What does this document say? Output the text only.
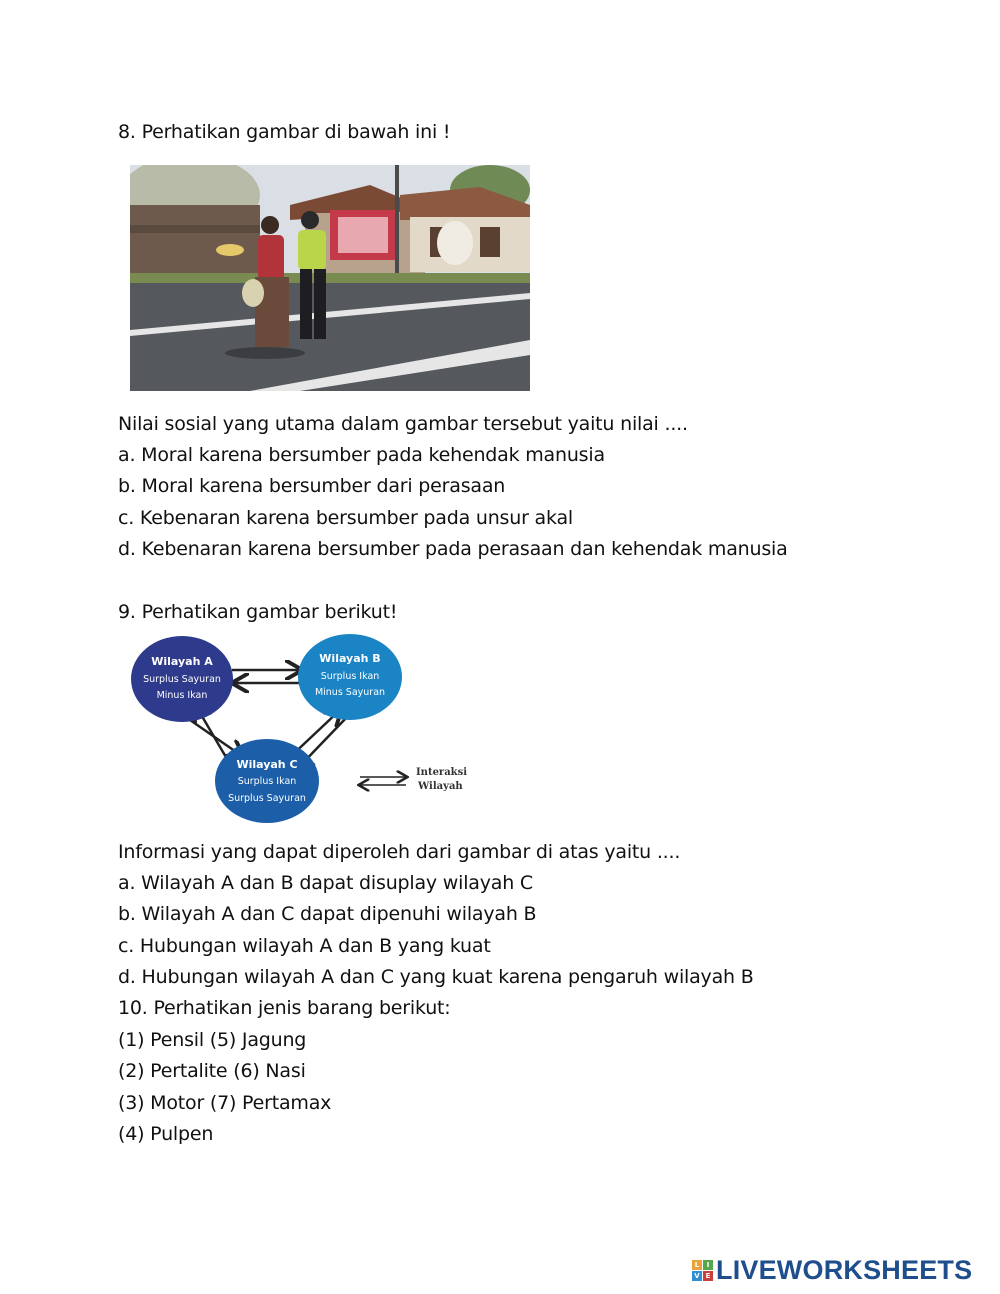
8. Perhatikan gambar di bawah ini !
Nilai sosial yang utama dalam gambar tersebut yaitu nilai ....
a. Moral karena bersumber pada kehendak manusia
b. Moral karena bersumber dari perasaan
c. Kebenaran karena bersumber pada unsur akal
d. Kebenaran karena bersumber pada perasaan dan kehendak manusia
9. Perhatikan gambar berikut!
Wilayah A
Surplus Sayuran
Minus Ikan
Wilayah B
Surplus Ikan
Minus Sayuran
Wilayah C
Surplus Ikan
Surplus Sayuran
Interaksi
Wilayah
Informasi yang dapat diperoleh dari gambar di atas yaitu ....
a. Wilayah A dan B dapat disuplay wilayah C
b. Wilayah A dan C dapat dipenuhi wilayah B
c. Hubungan wilayah A dan B yang kuat
d. Hubungan wilayah A dan C yang kuat karena pengaruh wilayah B
10. Perhatikan jenis barang berikut:
(1) Pensil (5) Jagung
(2) Pertalite (6) Nasi
(3) Motor (7) Pertamax
(4) Pulpen
L	I
V E LIVEWORKSHEETS
